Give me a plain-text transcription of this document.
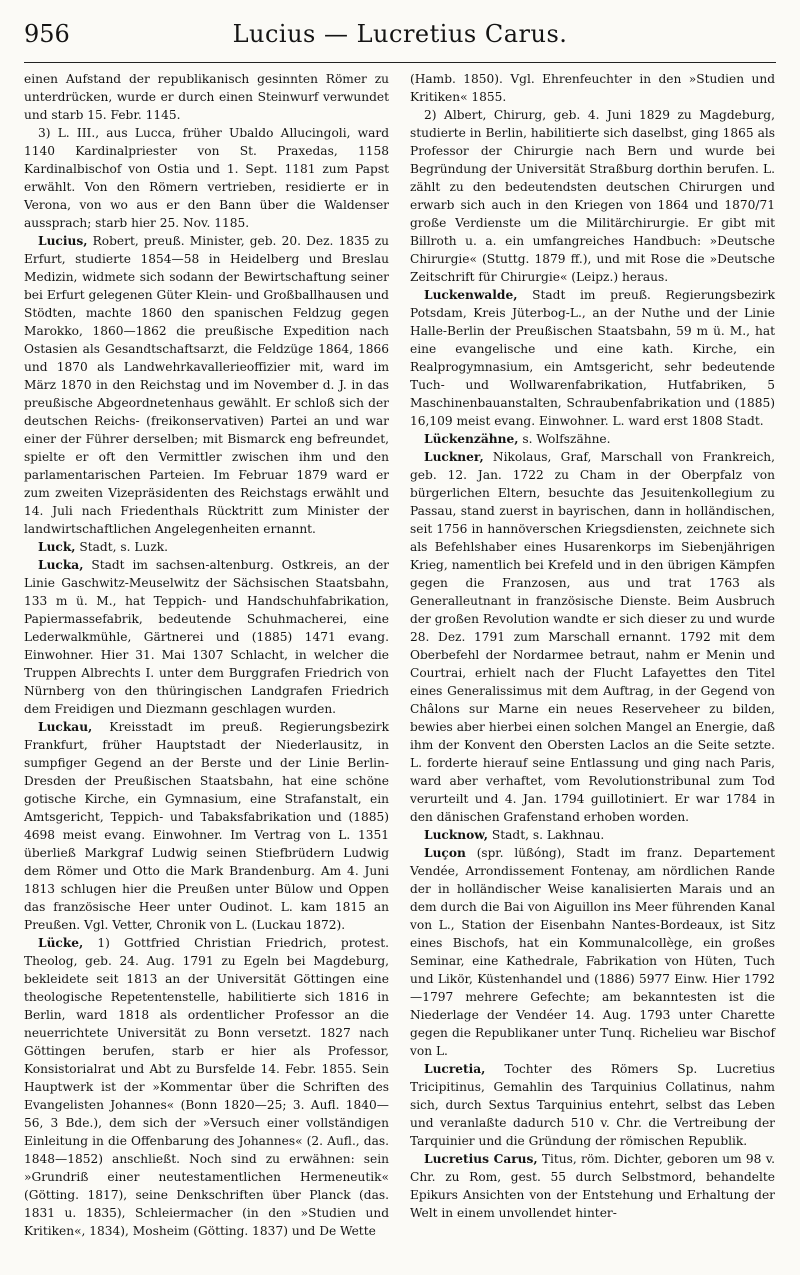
956	Lucius — Lucretius Carus.

einen Aufstand der republikanisch gesinnten Römer zu unterdrücken, wurde er durch einen Steinwurf verwundet und starb 15. Febr. 1145.

3) L. III., aus Lucca, früher Ubaldo Allucingoli, ward 1140 Kardinalpriester von St. Praxedas, 1158 Kardinalbischof von Ostia und 1. Sept. 1181 zum Papst erwählt. Von den Römern vertrieben, residierte er in Verona, von wo aus er den Bann über die Waldenser aussprach; starb hier 25. Nov. 1185.

Lucius, Robert, preuß. Minister, geb. 20. Dez. 1835 zu Erfurt, studierte 1854—58 in Heidelberg und Breslau Medizin, widmete sich sodann der Bewirtschaftung seiner bei Erfurt gelegenen Güter Klein- und Großballhausen und Stödten, machte 1860 den spanischen Feldzug gegen Marokko, 1860—1862 die preußische Expedition nach Ostasien als Gesandtschaftsarzt, die Feldzüge 1864, 1866 und 1870 als Landwehrkavallerieoffizier mit, ward im März 1870 in den Reichstag und im November d. J. in das preußische Abgeordnetenhaus gewählt. Er schloß sich der deutschen Reichs- (freikonservativen) Partei an und war einer der Führer derselben; mit Bismarck eng befreundet, spielte er oft den Vermittler zwischen ihm und den parlamentarischen Parteien. Im Februar 1879 ward er zum zweiten Vizepräsidenten des Reichstags erwählt und 14. Juli nach Friedenthals Rücktritt zum Minister der landwirtschaftlichen Angelegenheiten ernannt.

Luck, Stadt, s. Luzk.

Lucka, Stadt im sachsen-altenburg. Ostkreis, an der Linie Gaschwitz-Meuselwitz der Sächsischen Staatsbahn, 133 m ü. M., hat Teppich- und Handschuhfabrikation, Papiermassefabrik, bedeutende Schuhmacherei, eine Lederwalkmühle, Gärtnerei und (1885) 1471 evang. Einwohner. Hier 31. Mai 1307 Schlacht, in welcher die Truppen Albrechts I. unter dem Burggrafen Friedrich von Nürnberg von den thüringischen Landgrafen Friedrich dem Freidigen und Diezmann geschlagen wurden.

Luckau, Kreisstadt im preuß. Regierungsbezirk Frankfurt, früher Hauptstadt der Niederlausitz, in sumpfiger Gegend an der Berste und der Linie Berlin-Dresden der Preußischen Staatsbahn, hat eine schöne gotische Kirche, ein Gymnasium, eine Strafanstalt, ein Amtsgericht, Teppich- und Tabaksfabrikation und (1885) 4698 meist evang. Einwohner. Im Vertrag von L. 1351 überließ Markgraf Ludwig seinen Stiefbrüdern Ludwig dem Römer und Otto die Mark Brandenburg. Am 4. Juni 1813 schlugen hier die Preußen unter Bülow und Oppen das französische Heer unter Oudinot. L. kam 1815 an Preußen. Vgl. Vetter, Chronik von L. (Luckau 1872).

Lücke, 1) Gottfried Christian Friedrich, protest. Theolog, geb. 24. Aug. 1791 zu Egeln bei Magdeburg, bekleidete seit 1813 an der Universität Göttingen eine theologische Repetentenstelle, habilitierte sich 1816 in Berlin, ward 1818 als ordentlicher Professor an die neuerrichtete Universität zu Bonn versetzt. 1827 nach Göttingen berufen, starb er hier als Professor, Konsistorialrat und Abt zu Bursfelde 14. Febr. 1855. Sein Hauptwerk ist der »Kommentar über die Schriften des Evangelisten Johannes« (Bonn 1820—25; 3. Aufl. 1840—56, 3 Bde.), dem sich der »Versuch einer vollständigen Einleitung in die Offenbarung des Johannes« (2. Aufl., das. 1848—1852) anschließt. Noch sind zu erwähnen: sein »Grundriß einer neutestamentlichen Hermeneutik« (Götting. 1817), seine Denkschriften über Planck (das. 1831 u. 1835), Schleiermacher (in den »Studien und Kritiken«, 1834), Mosheim (Götting. 1837) und De Wette

(Hamb. 1850). Vgl. Ehrenfeuchter in den »Studien und Kritiken« 1855.

2) Albert, Chirurg, geb. 4. Juni 1829 zu Magdeburg, studierte in Berlin, habilitierte sich daselbst, ging 1865 als Professor der Chirurgie nach Bern und wurde bei Begründung der Universität Straßburg dorthin berufen. L. zählt zu den bedeutendsten deutschen Chirurgen und erwarb sich auch in den Kriegen von 1864 und 1870/71 große Verdienste um die Militärchirurgie. Er gibt mit Billroth u. a. ein umfangreiches Handbuch: »Deutsche Chirurgie« (Stuttg. 1879 ff.), und mit Rose die »Deutsche Zeitschrift für Chirurgie« (Leipz.) heraus.

Luckenwalde, Stadt im preuß. Regierungsbezirk Potsdam, Kreis Jüterbog-L., an der Nuthe und der Linie Halle-Berlin der Preußischen Staatsbahn, 59 m ü. M., hat eine evangelische und eine kath. Kirche, ein Realprogymnasium, ein Amtsgericht, sehr bedeutende Tuch- und Wollwarenfabrikation, Hutfabriken, 5 Maschinenbauanstalten, Schraubenfabrikation und (1885) 16,109 meist evang. Einwohner. L. ward erst 1808 Stadt.

Lückenzähne, s. Wolfszähne.

Luckner, Nikolaus, Graf, Marschall von Frankreich, geb. 12. Jan. 1722 zu Cham in der Oberpfalz von bürgerlichen Eltern, besuchte das Jesuitenkollegium zu Passau, stand zuerst in bayrischen, dann in holländischen, seit 1756 in hannöverschen Kriegsdiensten, zeichnete sich als Befehlshaber eines Husarenkorps im Siebenjährigen Krieg, namentlich bei Krefeld und in den übrigen Kämpfen gegen die Franzosen, aus und trat 1763 als Generalleutnant in französische Dienste. Beim Ausbruch der großen Revolution wandte er sich dieser zu und wurde 28. Dez. 1791 zum Marschall ernannt. 1792 mit dem Oberbefehl der Nordarmee betraut, nahm er Menin und Courtrai, erhielt nach der Flucht Lafayettes den Titel eines Generalissimus mit dem Auftrag, in der Gegend von Châlons sur Marne ein neues Reserveheer zu bilden, bewies aber hierbei einen solchen Mangel an Energie, daß ihm der Konvent den Obersten Laclos an die Seite setzte. L. forderte hierauf seine Entlassung und ging nach Paris, ward aber verhaftet, vom Revolutionstribunal zum Tod verurteilt und 4. Jan. 1794 guillotiniert. Er war 1784 in den dänischen Grafenstand erhoben worden.

Lucknow, Stadt, s. Lakhnau.

Luçon (spr. lüßóng), Stadt im franz. Departement Vendée, Arrondissement Fontenay, am nördlichen Rande der in holländischer Weise kanalisierten Marais und an dem durch die Bai von Aiguillon ins Meer führenden Kanal von L., Station der Eisenbahn Nantes-Bordeaux, ist Sitz eines Bischofs, hat ein Kommunalcollège, ein großes Seminar, eine Kathedrale, Fabrikation von Hüten, Tuch und Likör, Küstenhandel und (1886) 5977 Einw. Hier 1792—1797 mehrere Gefechte; am bekanntesten ist die Niederlage der Vendéer 14. Aug. 1793 unter Charette gegen die Republikaner unter Tunq. Richelieu war Bischof von L.

Lucretia, Tochter des Römers Sp. Lucretius Tricipitinus, Gemahlin des Tarquinius Collatinus, nahm sich, durch Sextus Tarquinius entehrt, selbst das Leben und veranlaßte dadurch 510 v. Chr. die Vertreibung der Tarquinier und die Gründung der römischen Republik.

Lucretius Carus, Titus, röm. Dichter, geboren um 98 v. Chr. zu Rom, gest. 55 durch Selbstmord, behandelte Epikurs Ansichten von der Entstehung und Erhaltung der Welt in einem unvollendet hinter-
